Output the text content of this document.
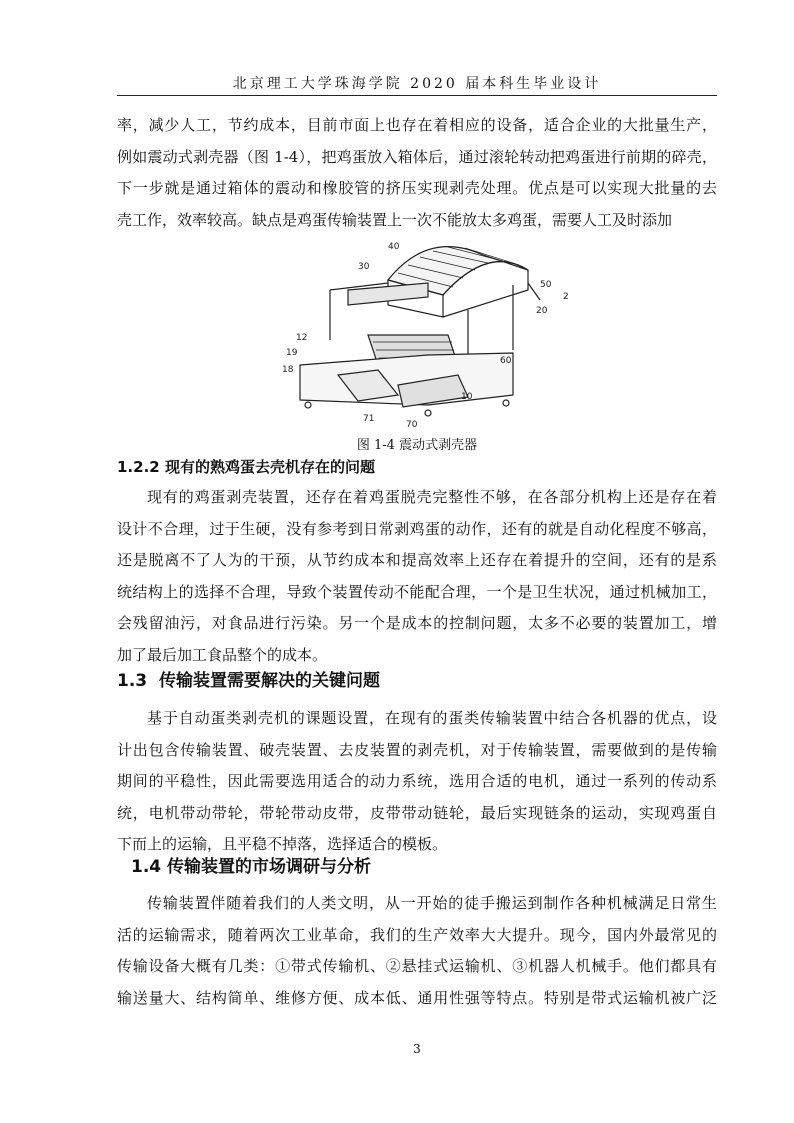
北京理工大学珠海学院 2020 届本科生毕业设计
率，减少人工，节约成本，目前市面上也存在着相应的设备，适合企业的大批量生产，
例如震动式剥壳器（图 1-4），把鸡蛋放入箱体后，通过滚轮转动把鸡蛋进行前期的碎壳，
下一步就是通过箱体的震动和橡胶管的挤压实现剥壳处理。优点是可以实现大批量的去
壳工作，效率较高。缺点是鸡蛋传输装置上一次不能放太多鸡蛋，需要人工及时添加
40
30
50
2
20
12
19
18
60
10
71
70
图 1-4 震动式剥壳器
1.2.2 现有的熟鸡蛋去壳机存在的问题
现有的鸡蛋剥壳装置，还存在着鸡蛋脱壳完整性不够，在各部分机构上还是存在着
设计不合理，过于生硬，没有参考到日常剥鸡蛋的动作，还有的就是自动化程度不够高，
还是脱离不了人为的干预，从节约成本和提高效率上还存在着提升的空间，还有的是系
统结构上的选择不合理，导致个装置传动不能配合理，一个是卫生状况，通过机械加工，
会残留油污，对食品进行污染。另一个是成本的控制问题，太多不必要的装置加工，增
加了最后加工食品整个的成本。
1.3 传输装置需要解决的关键问题
基于自动蛋类剥壳机的课题设置，在现有的蛋类传输装置中结合各机器的优点，设
计出包含传输装置、破壳装置、去皮装置的剥壳机，对于传输装置，需要做到的是传输
期间的平稳性，因此需要选用适合的动力系统，选用合适的电机，通过一系列的传动系
统，电机带动带轮，带轮带动皮带，皮带带动链轮，最后实现链条的运动，实现鸡蛋自
下而上的运输，且平稳不掉落，选择适合的模板。
1.4 传输装置的市场调研与分析
传输装置伴随着我们的人类文明，从一开始的徒手搬运到制作各种机械满足日常生
活的运输需求，随着两次工业革命，我们的生产效率大大提升。现今，国内外最常见的
传输设备大概有几类：①带式传输机、②悬挂式运输机、③机器人机械手。他们都具有
输送量大、结构简单、维修方便、成本低、通用性强等特点。特别是带式运输机被广泛
3
